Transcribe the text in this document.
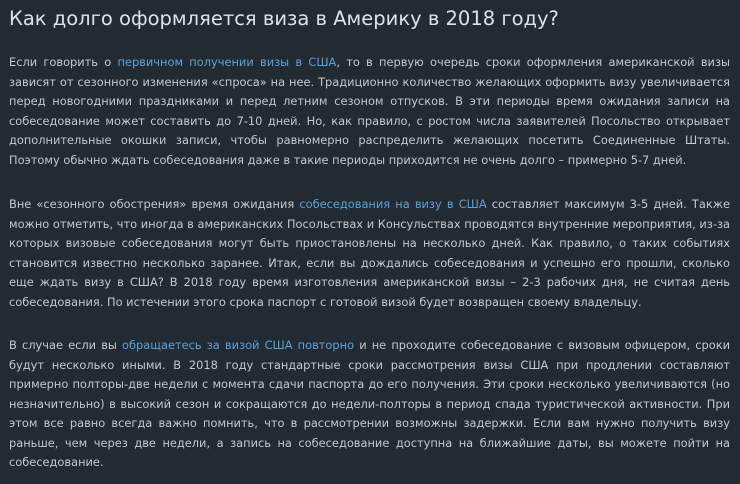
Как долго оформляется виза в Америку в 2018 году?

Если говорить о первичном получении визы в США, то в первую очередь сроки оформления американской визы зависят от сезонного изменения «спроса» на нее. Традиционно количество желающих оформить визу увеличивается перед новогодними праздниками и перед летним сезоном отпусков. В эти периоды время ожидания записи на собеседование может составить до 7-10 дней. Но, как правило, с ростом числа заявителей Посольство открывает дополнительные окошки записи, чтобы равномерно распределить желающих посетить Соединенные Штаты. Поэтому обычно ждать собеседования даже в такие периоды приходится не очень долго – примерно 5-7 дней.

Вне «сезонного обострения» время ожидания собеседования на визу в США составляет максимум 3-5 дней. Также можно отметить, что иногда в американских Посольствах и Консульствах проводятся внутренние мероприятия, из-за которых визовые собеседования могут быть приостановлены на несколько дней. Как правило, о таких событиях становится известно несколько заранее. Итак, если вы дождались собеседования и успешно его прошли, сколько еще ждать визу в США? В 2018 году время изготовления американской визы – 2-3 рабочих дня, не считая день собеседования. По истечении этого срока паспорт с готовой визой будет возвращен своему владельцу.

В случае если вы обращаетесь за визой США повторно и не проходите собеседование с визовым офицером, сроки будут несколько иными. В 2018 году стандартные сроки рассмотрения визы США при продлении составляют примерно полторы-две недели с момента сдачи паспорта до его получения. Эти сроки несколько увеличиваются (но незначительно) в высокий сезон и сокращаются до недели-полторы в период спада туристической активности. При этом все равно всегда важно помнить, что в рассмотрении возможны задержки. Если вам нужно получить визу раньше, чем через две недели, а запись на собеседование доступна на ближайшие даты, вы можете пойти на собеседование.
